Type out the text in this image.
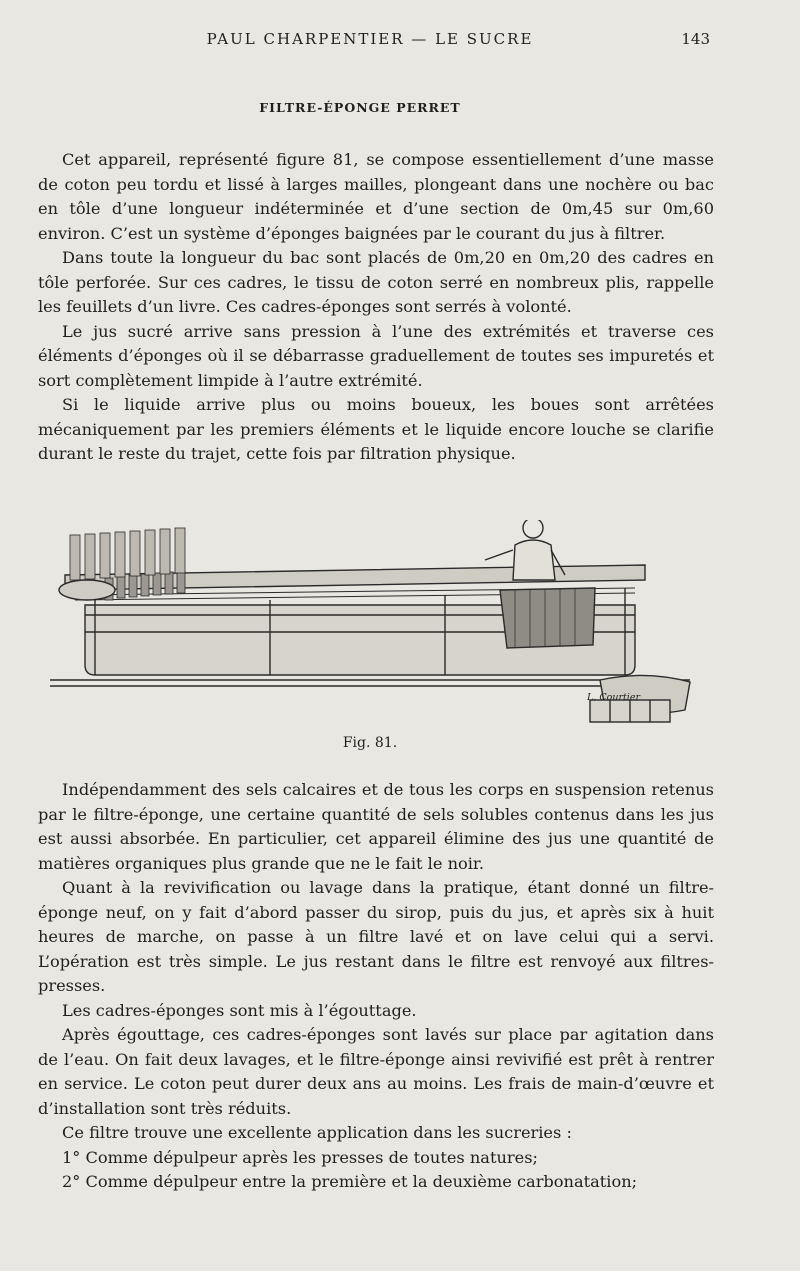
PAUL CHARPENTIER — LE SUCRE	143
FILTRE-ÉPONGE PERRET

Cet appareil, représenté figure 81, se compose essentiellement d’une masse de coton peu tordu et lissé à larges mailles, plongeant dans une nochère ou bac en tôle d’une longueur indéterminée et d’une section de 0m,45 sur 0m,60 environ. C’est un système d’éponges baignées par le courant du jus à filtrer.

Dans toute la longueur du bac sont placés de 0m,20 en 0m,20 des cadres en tôle perforée. Sur ces cadres, le tissu de coton serré en nombreux plis, rappelle les feuillets d’un livre. Ces cadres-éponges sont serrés à volonté.

Le jus sucré arrive sans pression à l’une des extrémités et traverse ces éléments d’éponges où il se débarrasse graduellement de toutes ses impuretés et sort complètement limpide à l’autre extrémité.

Si le liquide arrive plus ou moins boueux, les boues sont arrêtées mécaniquement par les premiers éléments et le liquide encore louche se clarifie durant le reste du trajet, cette fois par filtration physique.

L. Courtier
Fig. 81.

Indépendamment des sels calcaires et de tous les corps en suspension retenus par le filtre-éponge, une certaine quantité de sels solubles contenus dans les jus est aussi absorbée. En particulier, cet appareil élimine des jus une quantité de matières organiques plus grande que ne le fait le noir.

Quant à la revivification ou lavage dans la pratique, étant donné un filtre-éponge neuf, on y fait d’abord passer du sirop, puis du jus, et après six à huit heures de marche, on passe à un filtre lavé et on lave celui qui a servi. L’opération est très simple. Le jus restant dans le filtre est renvoyé aux filtres-presses.

Les cadres-éponges sont mis à l’égouttage.

Après égouttage, ces cadres-éponges sont lavés sur place par agitation dans de l’eau. On fait deux lavages, et le filtre-éponge ainsi revivifié est prêt à rentrer en service. Le coton peut durer deux ans au moins. Les frais de main-d’œuvre et d’installation sont très réduits.

Ce filtre trouve une excellente application dans les sucreries :

1° Comme dépulpeur après les presses de toutes natures;

2° Comme dépulpeur entre la première et la deuxième carbonatation;
